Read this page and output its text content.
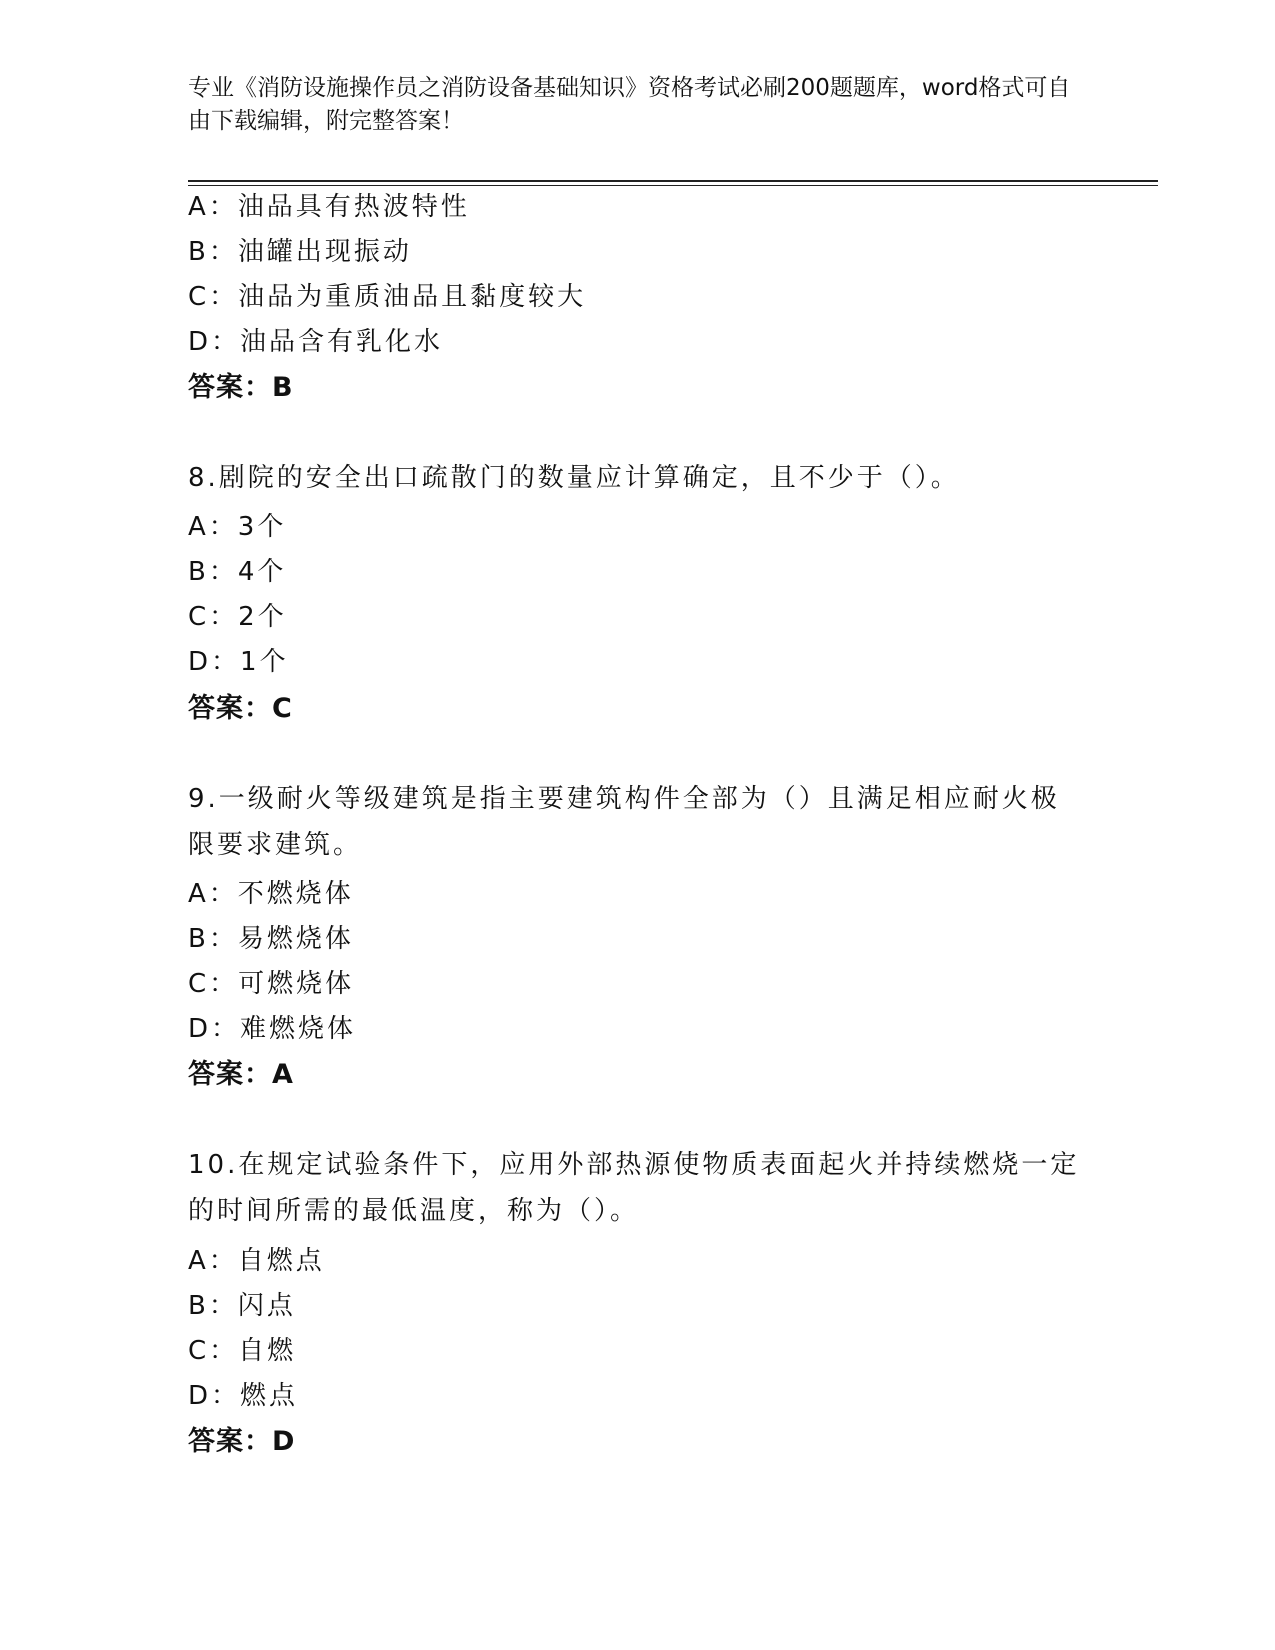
专业《消防设施操作员之消防设备基础知识》资格考试必刷200题题库，word格式可自由下载编辑，附完整答案！
A：油品具有热波特性
B：油罐出现振动
C：油品为重质油品且黏度较大
D：油品含有乳化水
答案：B
8.剧院的安全出口疏散门的数量应计算确定，且不少于（）。
A：3个
B：4个
C：2个
D：1个
答案：C
9.一级耐火等级建筑是指主要建筑构件全部为（）且满足相应耐火极限要求建筑。
A：不燃烧体
B：易燃烧体
C：可燃烧体
D：难燃烧体
答案：A
10.在规定试验条件下，应用外部热源使物质表面起火并持续燃烧一定的时间所需的最低温度，称为（）。
A：自燃点
B：闪点
C：自燃
D：燃点
答案：D
